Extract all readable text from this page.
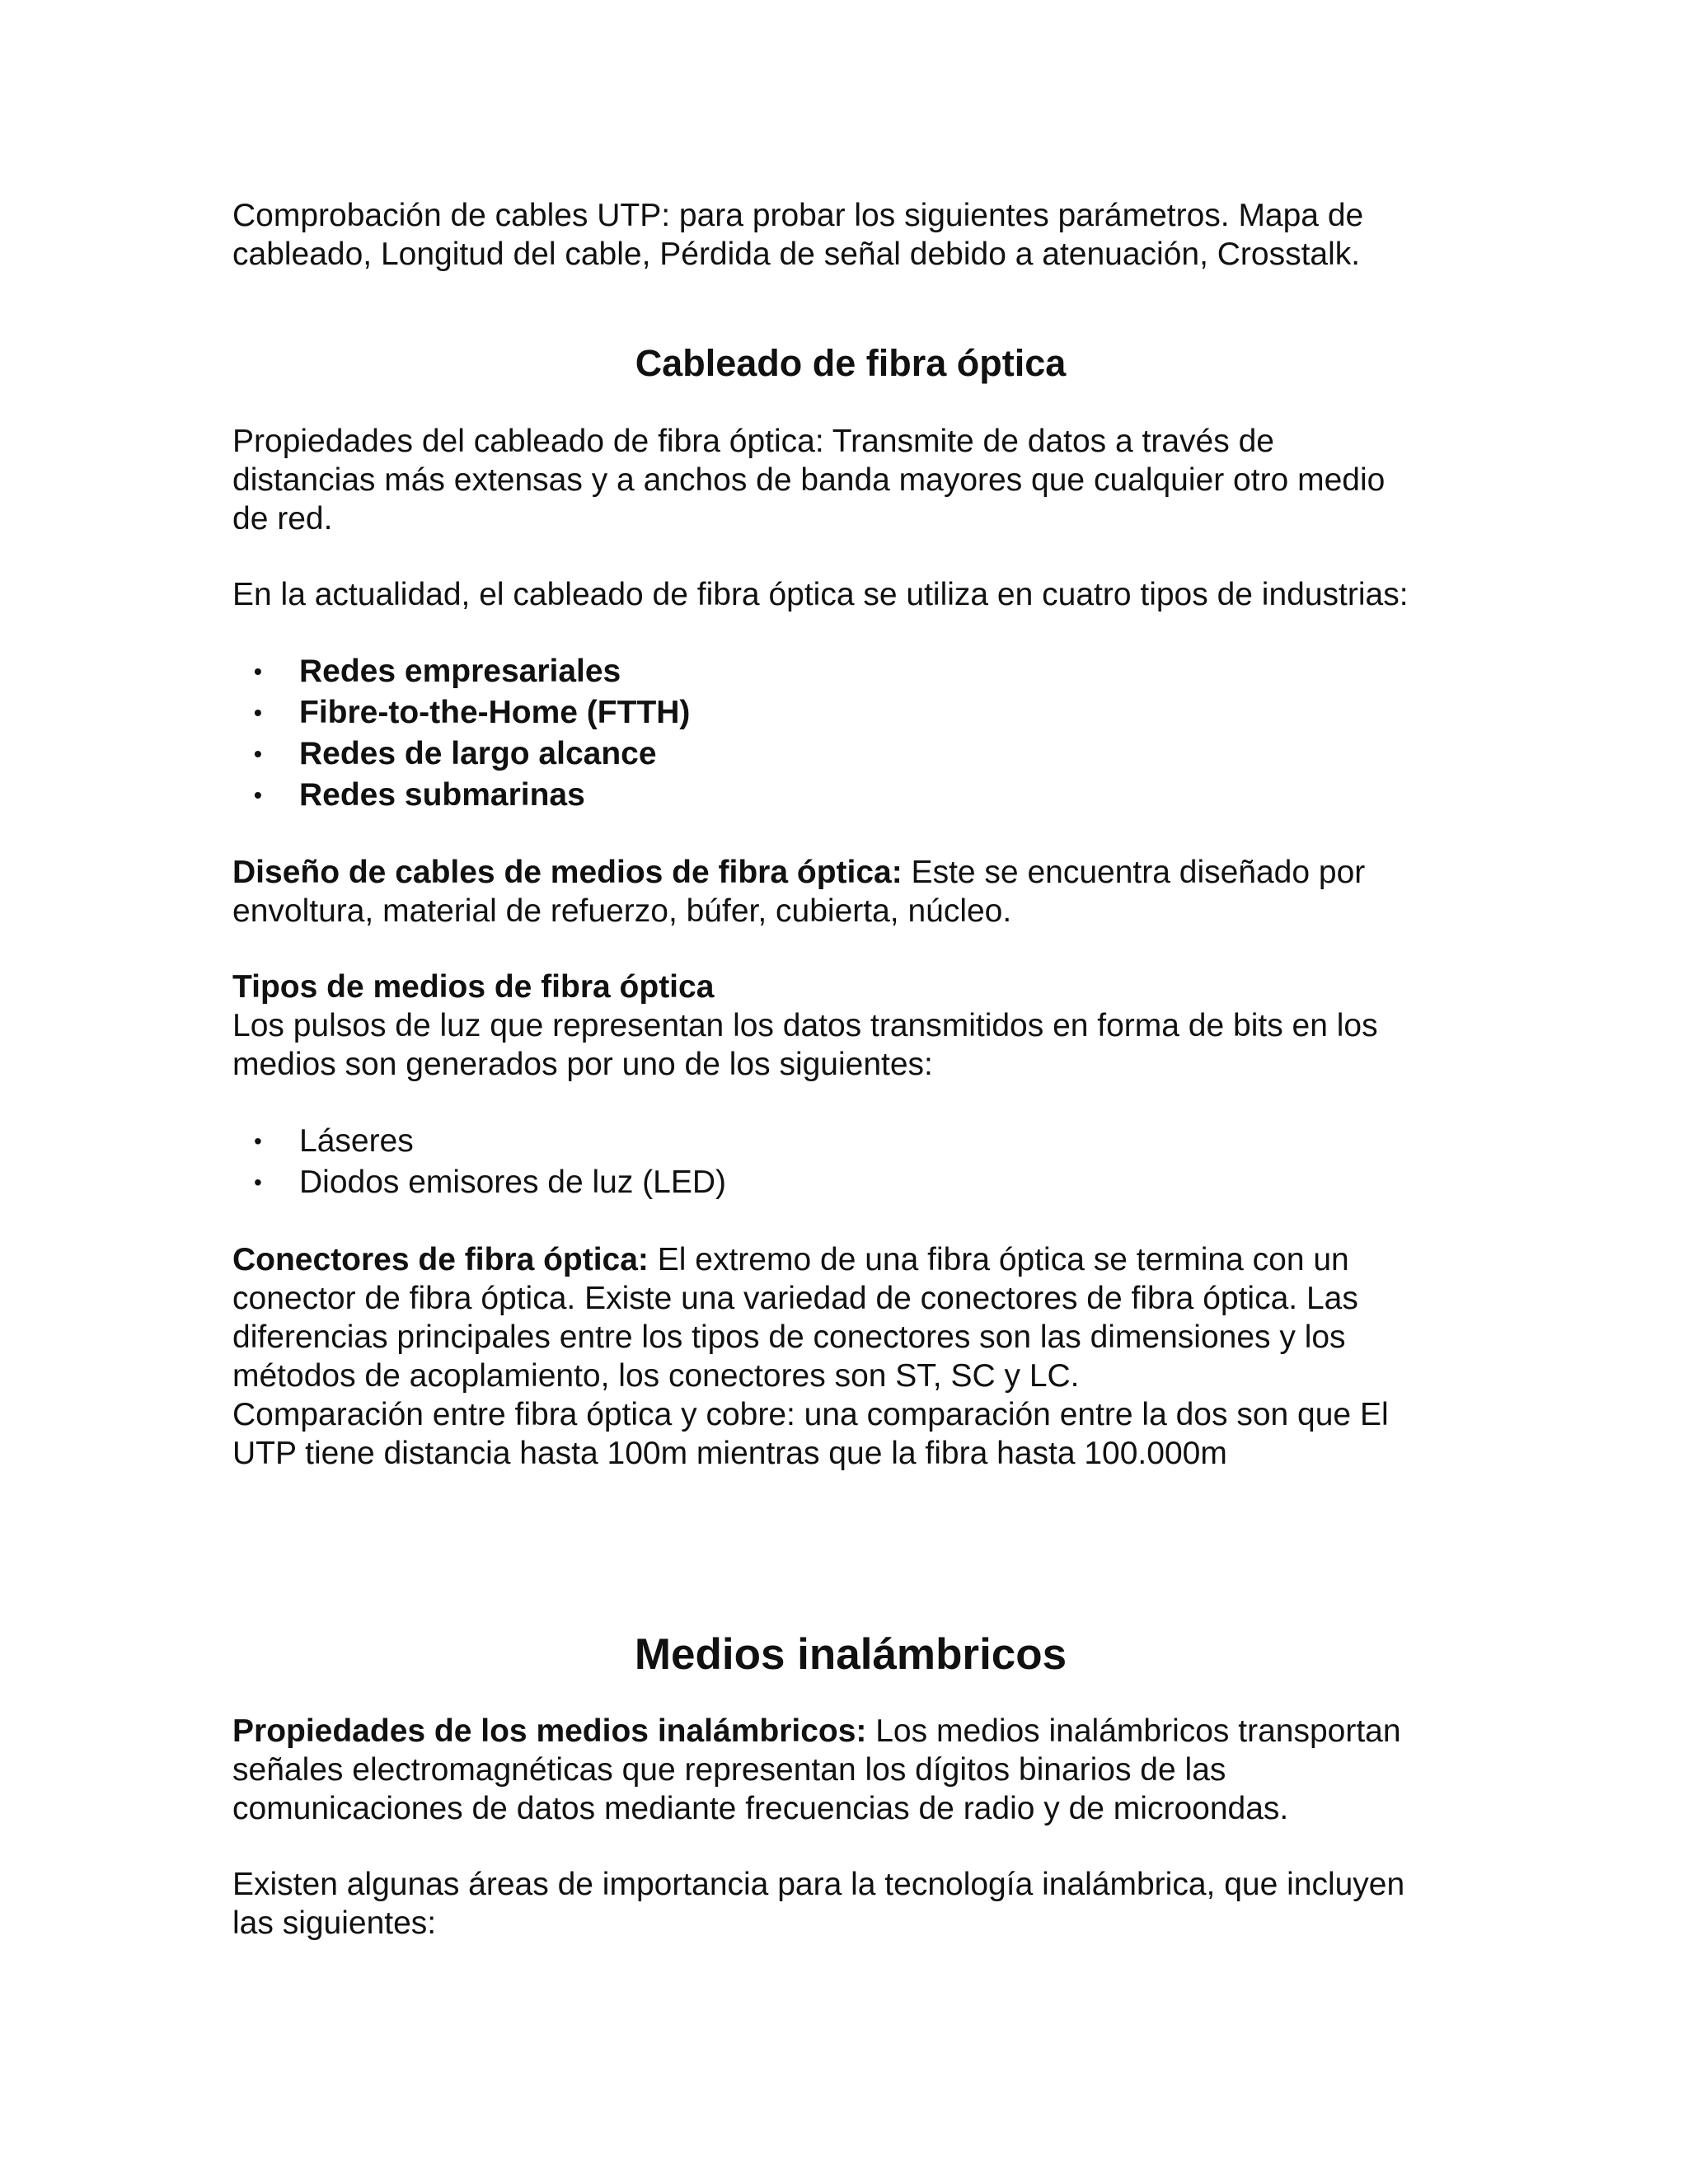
Comprobación de cables UTP: para probar los siguientes parámetros. Mapa de
cableado, Longitud del cable, Pérdida de señal debido a atenuación, Crosstalk.

Cableado de fibra óptica

Propiedades del cableado de fibra óptica: Transmite de datos a través de
distancias más extensas y a anchos de banda mayores que cualquier otro medio
de red.

En la actualidad, el cableado de fibra óptica se utiliza en cuatro tipos de industrias:

• Redes empresariales
• Fibre-to-the-Home (FTTH)
• Redes de largo alcance
• Redes submarinas

Diseño de cables de medios de fibra óptica: Este se encuentra diseñado por
envoltura, material de refuerzo, búfer, cubierta, núcleo.

Tipos de medios de fibra óptica
Los pulsos de luz que representan los datos transmitidos en forma de bits en los
medios son generados por uno de los siguientes:

• Láseres
• Diodos emisores de luz (LED)

Conectores de fibra óptica: El extremo de una fibra óptica se termina con un
conector de fibra óptica. Existe una variedad de conectores de fibra óptica. Las
diferencias principales entre los tipos de conectores son las dimensiones y los
métodos de acoplamiento, los conectores son ST, SC y LC.
Comparación entre fibra óptica y cobre: una comparación entre la dos son que El
UTP tiene distancia hasta 100m mientras que la fibra hasta 100.000m

Medios inalámbricos

Propiedades de los medios inalámbricos: Los medios inalámbricos transportan
señales electromagnéticas que representan los dígitos binarios de las
comunicaciones de datos mediante frecuencias de radio y de microondas.

Existen algunas áreas de importancia para la tecnología inalámbrica, que incluyen
las siguientes:
